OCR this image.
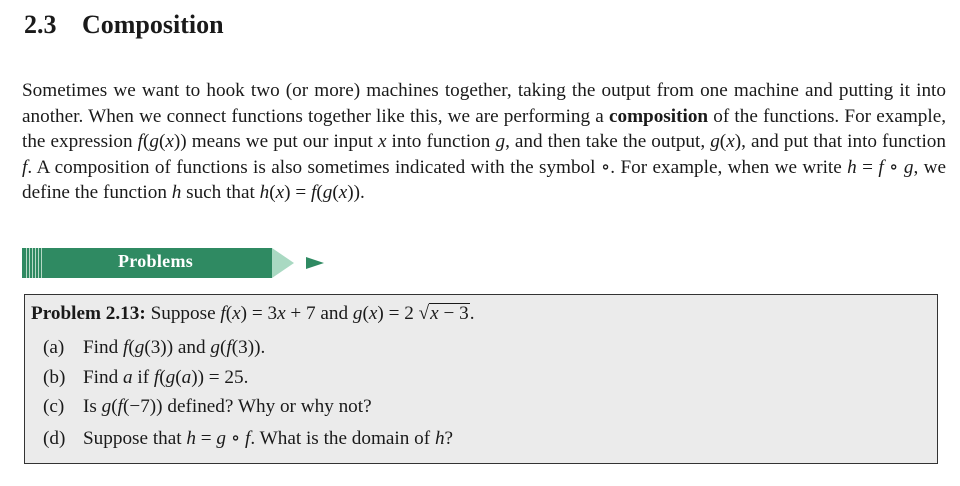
2.3 Composition

Sometimes we want to hook two (or more) machines together, taking the output from one machine and putting it into another. When we connect functions together like this, we are performing a composition of the functions. For example, the expression f(g(x)) means we put our input x into function g, and then take the output, g(x), and put that into function f. A composition of functions is also sometimes indicated with the symbol ∘. For example, when we write h = f ∘ g, we define the function h such that h(x) = f(g(x)).

Problems
Problem 2.13: Suppose f(x) = 3x + 7 and g(x) = 2 √x − 3.
(a) Find f(g(3)) and g(f(3)).
(b) Find a if f(g(a)) = 25.
(c) Is g(f(−7)) defined? Why or why not?
(d) Suppose that h = g ∘ f. What is the domain of h?
